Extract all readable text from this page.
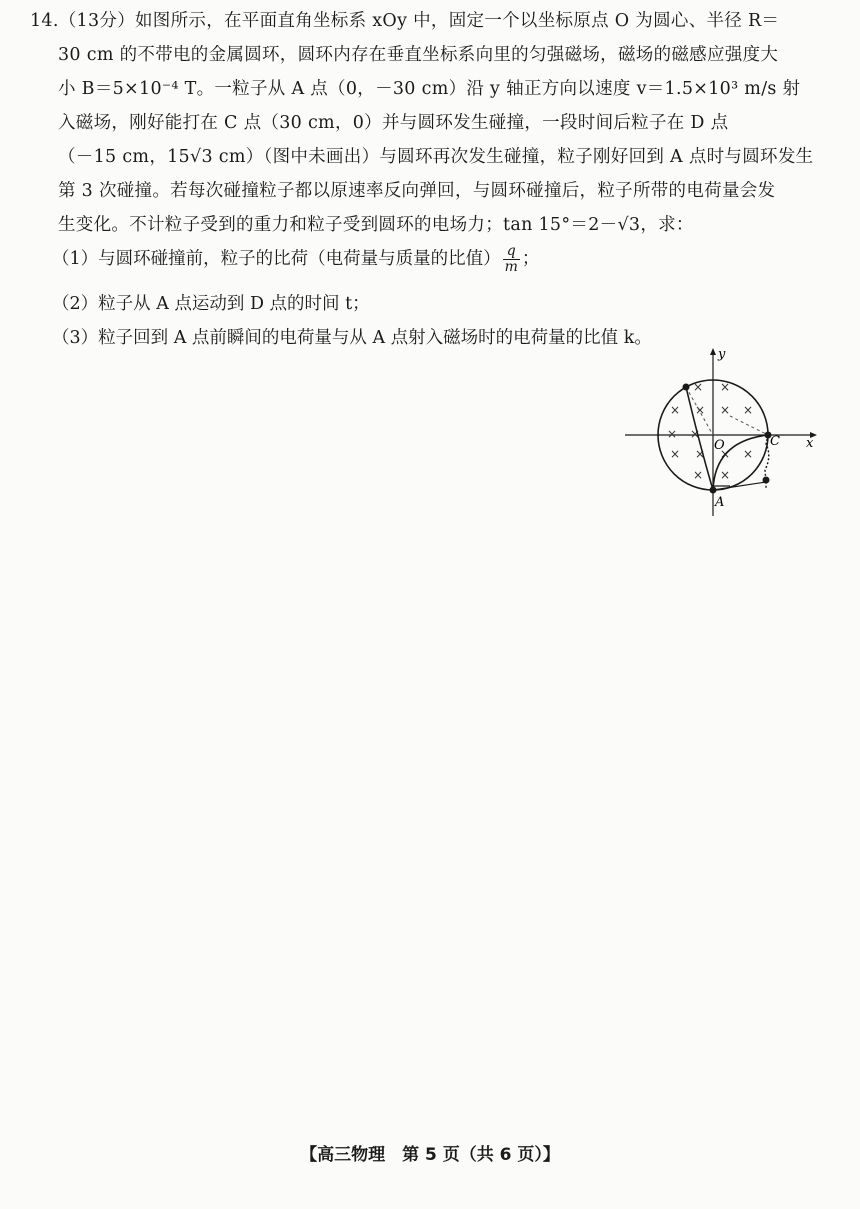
14.（13分）如图所示，在平面直角坐标系 xOy 中，固定一个以坐标原点 O 为圆心、半径 R＝
30 cm 的不带电的金属圆环，圆环内存在垂直坐标系向里的匀强磁场，磁场的磁感应强度大
小 B＝5×10⁻⁴ T。一粒子从 A 点（0，－30 cm）沿 y 轴正方向以速度 v＝1.5×10³ m/s 射
入磁场，刚好能打在 C 点（30 cm，0）并与圆环发生碰撞，一段时间后粒子在 D 点
（－15 cm，15√3 cm）（图中未画出）与圆环再次发生碰撞，粒子刚好回到 A 点时与圆环发生
第 3 次碰撞。若每次碰撞粒子都以原速率反向弹回，与圆环碰撞后，粒子所带的电荷量会发
生变化。不计粒子受到的重力和粒子受到圆环的电场力；tan 15°＝2－√3，求：
（1）与圆环碰撞前，粒子的比荷（电荷量与质量的比值） $\frac{q}{m}$ ；
（2）粒子从 A 点运动到 D 点的时间 t；
（3）粒子回到 A 点前瞬间的电荷量与从 A 点射入磁场时的电荷量的比值 k。
× ×
× × × ×
× ×
× × × ×
× ×
y
x
O	C
A
【高三物理　第 5 页（共 6 页）】
